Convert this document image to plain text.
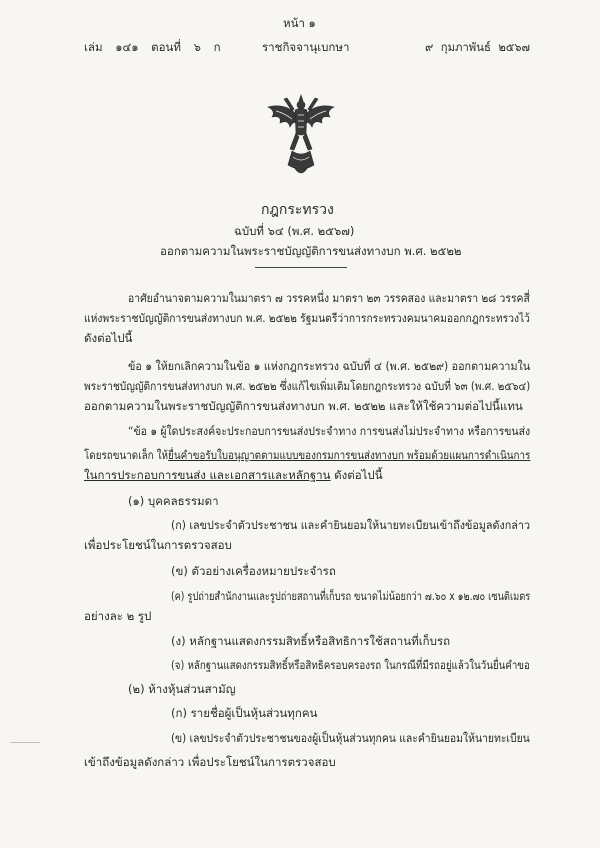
หน้า ๑
เล่ม ๑๔๑ ตอนที่ ๖ ก	ราชกิจจานุเบกษา	๙ กุมภาพันธ์ ๒๕๖๗
กฎกระทรวง
ฉบับที่ ๖๔ (พ.ศ. ๒๕๖๗)
ออกตามความในพระราชบัญญัติการขนส่งทางบก พ.ศ. ๒๕๒๒
อาศัยอำนาจตามความในมาตรา ๗ วรรคหนึ่ง มาตรา ๒๓ วรรคสอง และมาตรา ๒๘ วรรคสี่
แห่งพระราชบัญญัติการขนส่งทางบก พ.ศ. ๒๕๒๒ รัฐมนตรีว่าการกระทรวงคมนาคมออกกฎกระทรวงไว้
ดังต่อไปนี้
ข้อ ๑ ให้ยกเลิกความในข้อ ๑ แห่งกฎกระทรวง ฉบับที่ ๔ (พ.ศ. ๒๕๒๙) ออกตามความใน
พระราชบัญญัติการขนส่งทางบก พ.ศ. ๒๕๒๒ ซึ่งแก้ไขเพิ่มเติมโดยกฎกระทรวง ฉบับที่ ๖๓ (พ.ศ. ๒๕๖๔)
ออกตามความในพระราชบัญญัติการขนส่งทางบก พ.ศ. ๒๕๒๒ และให้ใช้ความต่อไปนี้แทน
“ข้อ ๑ ผู้ใดประสงค์จะประกอบการขนส่งประจำทาง การขนส่งไม่ประจำทาง หรือการขนส่ง
โดยรถขนาดเล็ก ให้ยื่นคำขอรับใบอนุญาตตามแบบของกรมการขนส่งทางบก พร้อมด้วยแผนการดำเนินการ
ในการประกอบการขนส่ง และเอกสารและหลักฐาน ดังต่อไปนี้
(๑) บุคคลธรรมดา
(ก) เลขประจำตัวประชาชน และคำยินยอมให้นายทะเบียนเข้าถึงข้อมูลดังกล่าว
เพื่อประโยชน์ในการตรวจสอบ
(ข) ตัวอย่างเครื่องหมายประจำรถ
(ค) รูปถ่ายสำนักงานและรูปถ่ายสถานที่เก็บรถ ขนาดไม่น้อยกว่า ๗.๖๐ x ๑๒.๗๐ เซนติเมตร
อย่างละ ๒ รูป
(ง) หลักฐานแสดงกรรมสิทธิ์หรือสิทธิการใช้สถานที่เก็บรถ
(จ) หลักฐานแสดงกรรมสิทธิ์หรือสิทธิครอบครองรถ ในกรณีที่มีรถอยู่แล้วในวันยื่นคำขอ
(๒) ห้างหุ้นส่วนสามัญ
(ก) รายชื่อผู้เป็นหุ้นส่วนทุกคน
(ข) เลขประจำตัวประชาชนของผู้เป็นหุ้นส่วนทุกคน และคำยินยอมให้นายทะเบียน
เข้าถึงข้อมูลดังกล่าว เพื่อประโยชน์ในการตรวจสอบ
